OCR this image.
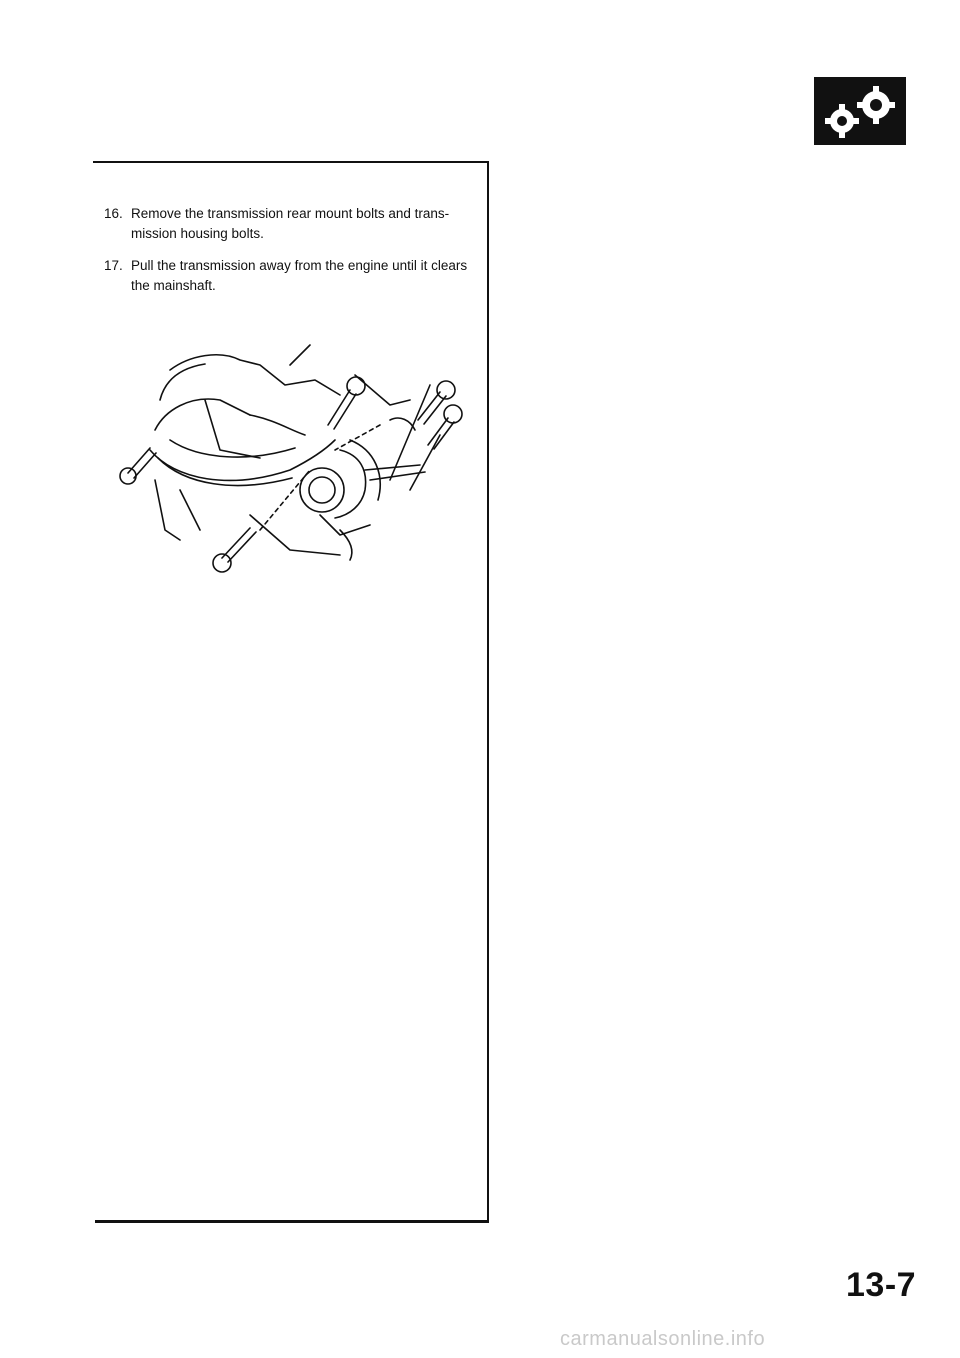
16. Remove the transmission rear mount bolts and trans-mission housing bolts.
17. Pull the transmission away from the engine until it clears the mainshaft.
13-7
carmanualsonline.info
